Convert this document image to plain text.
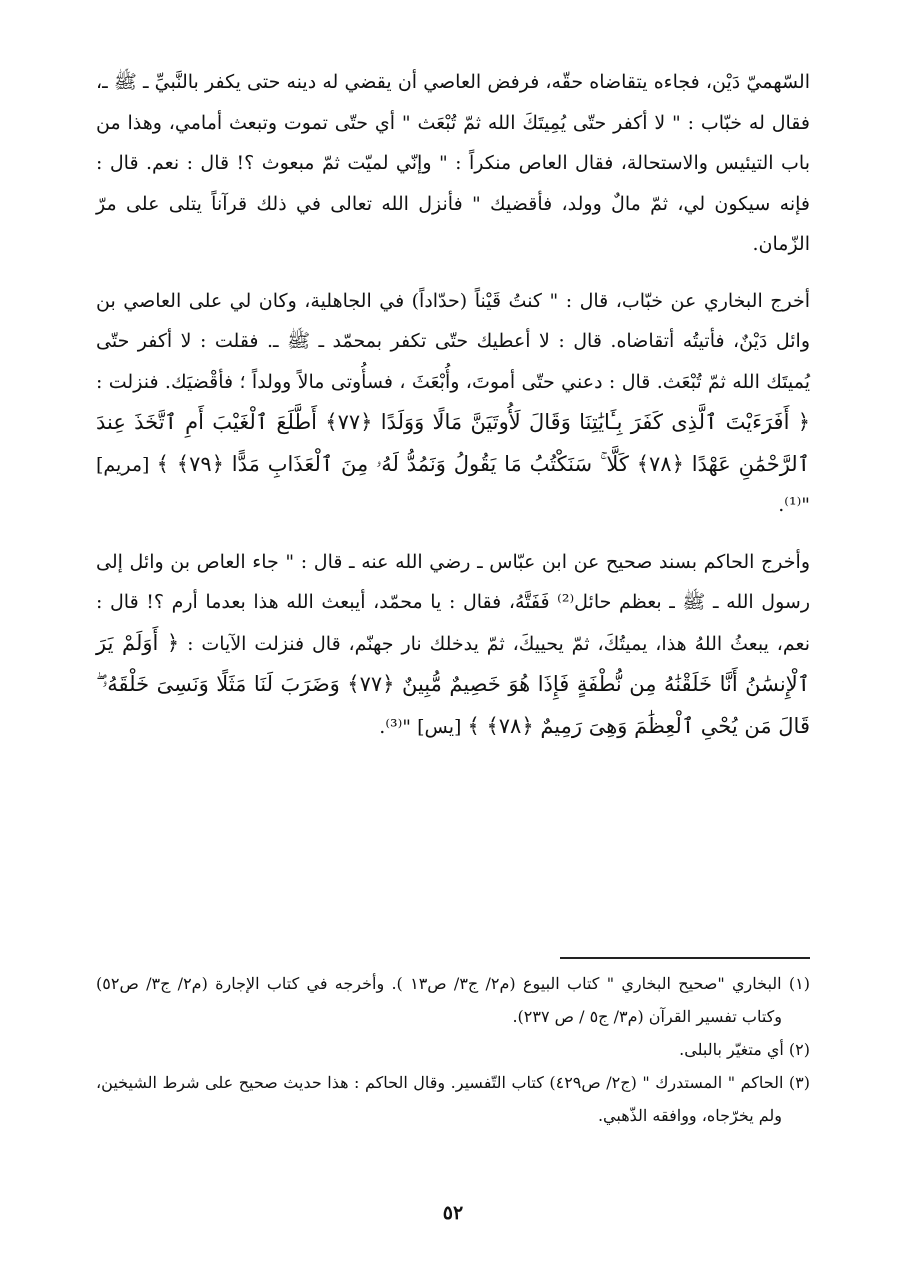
السّهميّ دَيْن، فجاءه يتقاضاه حقّه، فرفض العاصي أن يقضي له دينه حتى يكفر بالنَّبيِّ ـ ﷺ ـ، فقال له خبّاب : " لا أكفر حتّى يُمِيتَكَ الله ثمّ تُبْعَث " أي حتّى تموت وتبعث أمامي، وهذا من باب التيئيس والاستحالة، فقال العاص منكراً : " وإنّي لميّت ثمّ مبعوث ؟! قال : نعم. قال : فإنه سيكون لي، ثمّ مالٌ وولد، فأقضيك " فأنزل الله تعالى في ذلك قرآناً يتلى على مرّ الزّمان.

أخرج البخاري عن خبّاب، قال : " كنتُ قَيْناً (حدّاداً) في الجاهلية، وكان لي على العاصي بن وائل دَيْنٌ، فأتيتُه أتقاضاه. قال : لا أعطيك حتّى تكفر بمحمّد ـ ﷺ ـ. فقلت : لا أكفر حتّى يُميتَك الله ثمّ تُبْعَث. قال : دعني حتّى أموتَ، وأُبْعَثَ ، فسأُوتى مالاً وولداً ؛ فأقْضيَك. فنزلت : ﴿ أَفَرَءَيْتَ ٱلَّذِى كَفَرَ بِـَٔايَٰتِنَا وَقَالَ لَأُوتَيَنَّ مَالًا وَوَلَدًا ﴿٧٧﴾ أَطَّلَعَ ٱلْغَيْبَ أَمِ ٱتَّخَذَ عِندَ ٱلرَّحْمَٰنِ عَهْدًا ﴿٧٨﴾ كَلَّا ۚ سَنَكْتُبُ مَا يَقُولُ وَنَمُدُّ لَهُۥ مِنَ ٱلْعَذَابِ مَدًّا ﴿٧٩﴾ ﴾ [مريم] "⁽¹⁾.

وأخرج الحاكم بسند صحيح عن ابن عبّاس ـ رضي الله عنه ـ قال : " جاء العاص بن وائل إلى رسول الله ـ ﷺ ـ بعظم حائل⁽²⁾ فَفَتَّهُ، فقال : يا محمّد، أيبعث الله هذا بعدما أرم ؟! قال : نعم، يبعثُ اللهُ هذا، يميتُكَ، ثمّ يحييكَ، ثمّ يدخلك نار جهنّم، قال فنزلت الآيات : ﴿ أَوَلَمْ يَرَ ٱلْإِنسَٰنُ أَنَّا خَلَقْنَٰهُ مِن نُّطْفَةٍ فَإِذَا هُوَ خَصِيمٌ مُّبِينٌ ﴿٧٧﴾ وَضَرَبَ لَنَا مَثَلًا وَنَسِىَ خَلْقَهُۥ ۖ قَالَ مَن يُحْىِ ٱلْعِظَٰمَ وَهِىَ رَمِيمٌ ﴿٧٨﴾ ﴾ [يس] "⁽³⁾.

(١) البخاري "صحيح البخاري " كتاب البيوع (م٢/ ج٣/ ص١٣ ). وأخرجه في كتاب الإجارة (م٢/ ج٣/ ص٥٢) وكتاب تفسير القرآن (م٣/ ج٥ / ص ٢٣٧).

(٢) أي متغيّر بالبلى.

(٣) الحاكم " المستدرك " (ج٢/ ص٤٢٩) كتاب التّفسير. وقال الحاكم : هذا حديث صحيح على شرط الشيخين، ولم يخرّجاه، ووافقه الذّهبي.

٥٢
